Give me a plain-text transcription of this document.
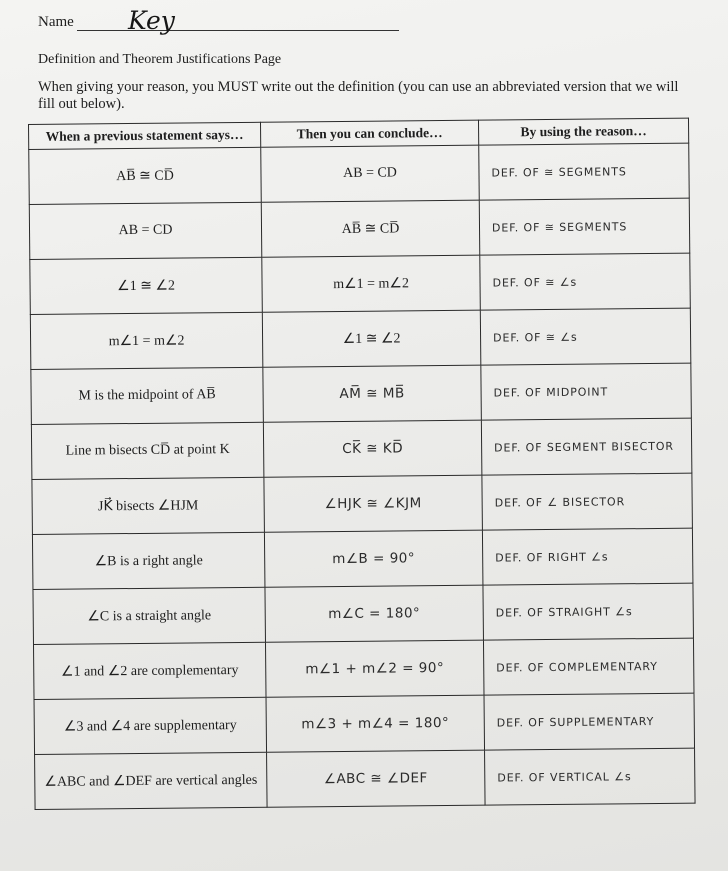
Name Key
Definition and Theorem Justifications Page
When giving your reason, you MUST write out the definition (you can use an abbreviated version that we will fill out below).
When a previous statement says…	Then you can conclude…	By using the reason…
AB̅ ≅ CD̅	AB = CD	DEF. OF ≅ SEGMENTS
AB = CD	AB̅ ≅ CD̅	DEF. OF ≅ SEGMENTS
∠1 ≅ ∠2	m∠1 = m∠2	DEF. OF ≅ ∠s
m∠1 = m∠2	∠1 ≅ ∠2	DEF. OF ≅ ∠s
M is the midpoint of AB̅	AM̅ ≅ MB̅	DEF. OF MIDPOINT
Line m bisects CD̅ at point K	CK̅ ≅ KD̅	DEF. OF SEGMENT BISECTOR
JK⃗ bisects ∠HJM	∠HJK ≅ ∠KJM	DEF. OF ∠ BISECTOR
∠B is a right angle	m∠B = 90°	DEF. OF RIGHT ∠s
∠C is a straight angle	m∠C = 180°	DEF. OF STRAIGHT ∠s
∠1 and ∠2 are complementary	m∠1 + m∠2 = 90°	DEF. OF COMPLEMENTARY
∠3 and ∠4 are supplementary	m∠3 + m∠4 = 180°	DEF. OF SUPPLEMENTARY
∠ABC and ∠DEF are vertical angles	∠ABC ≅ ∠DEF	DEF. OF VERTICAL ∠s
